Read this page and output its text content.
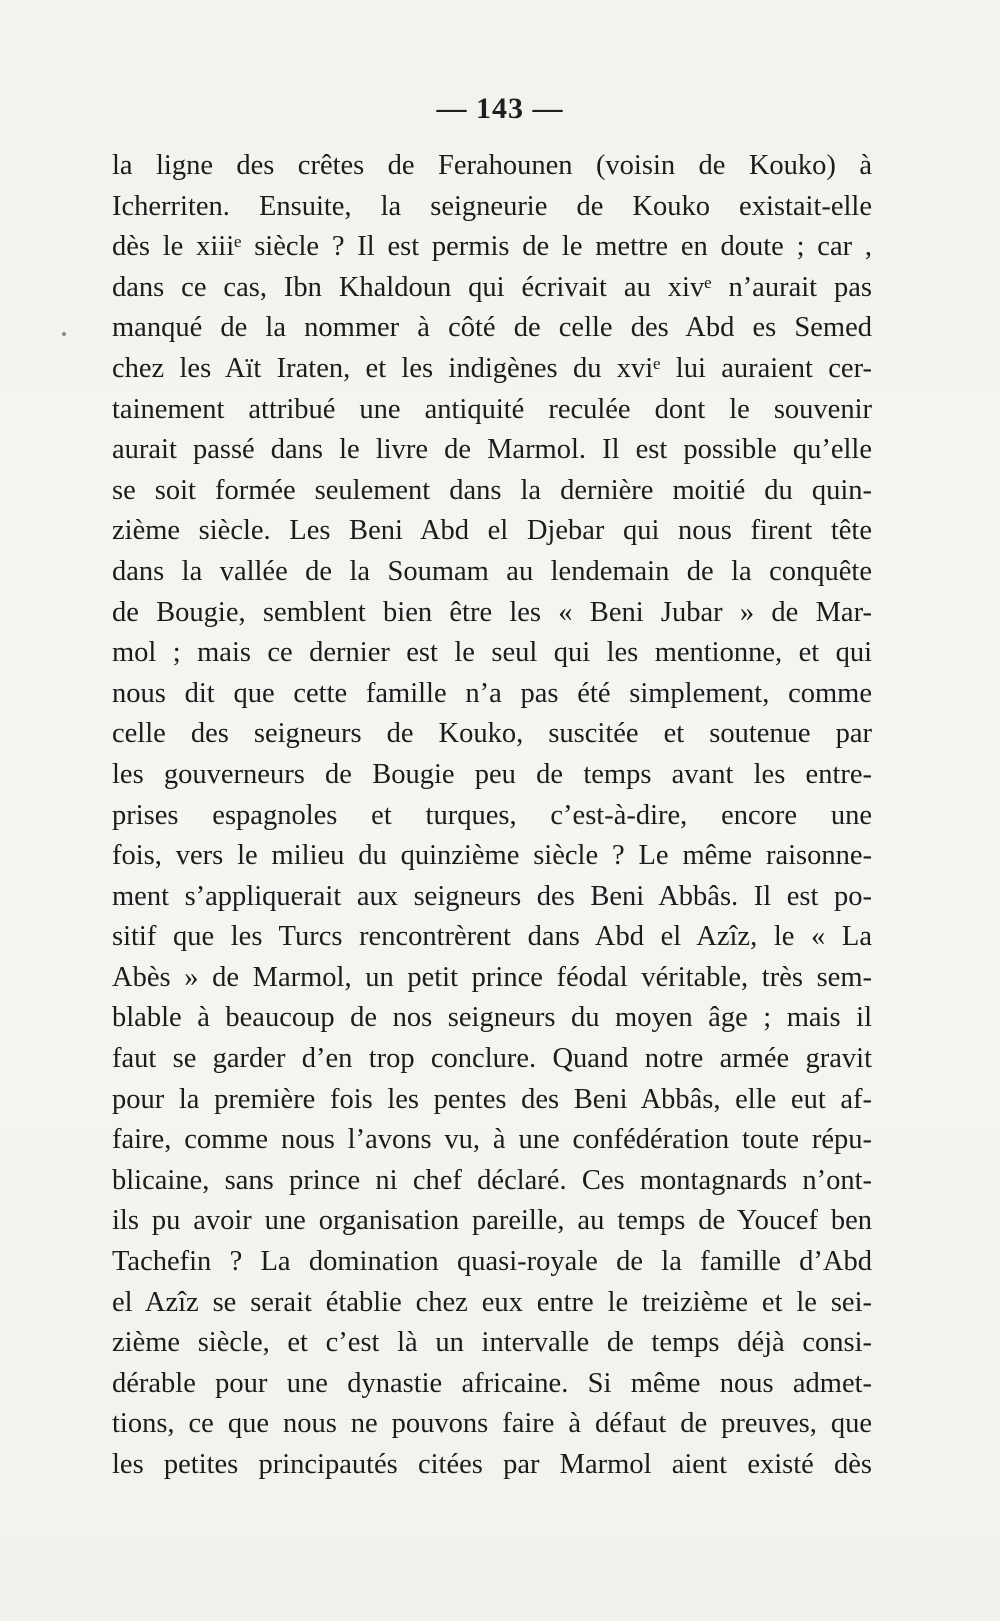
— 143 —
la ligne des crêtes de Ferahounen (voisin de Kouko) à
Icherriten. Ensuite, la seigneurie de Kouko existait-elle
dès le xiiiᵉ siècle ? Il est permis de le mettre en doute ; car ,
dans ce cas, Ibn Khaldoun qui écrivait au xivᵉ n’aurait pas
manqué de la nommer à côté de celle des Abd es Semed
chez les Aït Iraten, et les indigènes du xviᵉ lui auraient cer-
tainement attribué une antiquité reculée dont le souvenir
aurait passé dans le livre de Marmol. Il est possible qu’elle
se soit formée seulement dans la dernière moitié du quin-
zième siècle. Les Beni Abd el Djebar qui nous firent tête
dans la vallée de la Soumam au lendemain de la conquête
de Bougie, semblent bien être les « Beni Jubar » de Mar-
mol ; mais ce dernier est le seul qui les mentionne, et qui
nous dit que cette famille n’a pas été simplement, comme
celle des seigneurs de Kouko, suscitée et soutenue par
les gouverneurs de Bougie peu de temps avant les entre-
prises espagnoles et turques, c’est-à-dire, encore une
fois, vers le milieu du quinzième siècle ? Le même raisonne-
ment s’appliquerait aux seigneurs des Beni Abbâs. Il est po-
sitif que les Turcs rencontrèrent dans Abd el Azîz, le « La
Abès » de Marmol, un petit prince féodal véritable, très sem-
blable à beaucoup de nos seigneurs du moyen âge ; mais il
faut se garder d’en trop conclure. Quand notre armée gravit
pour la première fois les pentes des Beni Abbâs, elle eut af-
faire, comme nous l’avons vu, à une confédération toute répu-
blicaine, sans prince ni chef déclaré. Ces montagnards n’ont-
ils pu avoir une organisation pareille, au temps de Youcef ben
Tachefin ? La domination quasi-royale de la famille d’Abd
el Azîz se serait établie chez eux entre le treizième et le sei-
zième siècle, et c’est là un intervalle de temps déjà consi-
dérable pour une dynastie africaine. Si même nous admet-
tions, ce que nous ne pouvons faire à défaut de preuves, que
les petites principautés citées par Marmol aient existé dès
